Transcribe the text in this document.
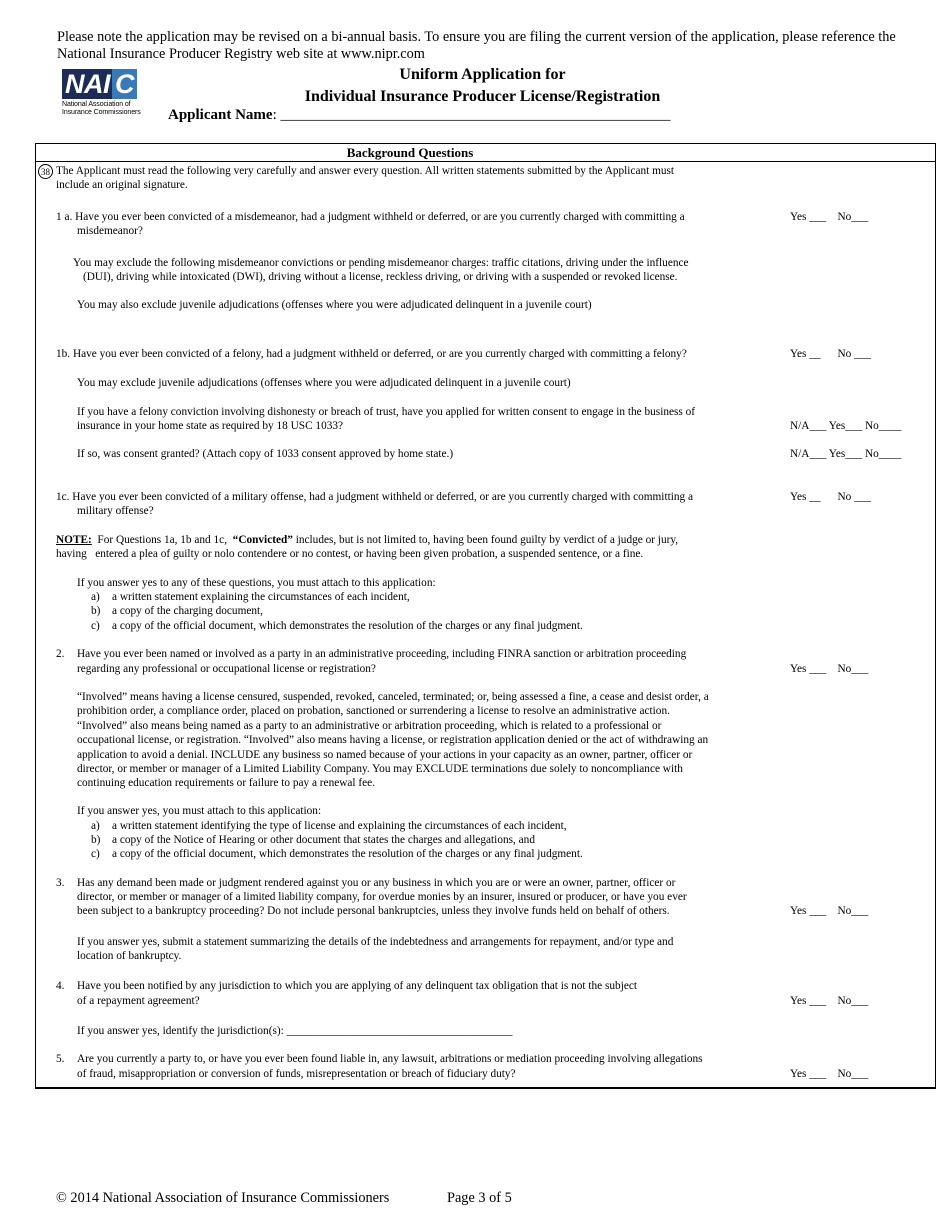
Please note the application may be revised on a bi-annual basis. To ensure you are filing the current version of the application, please reference the National Insurance Producer Registry web site at www.nipr.com
NAI C
National Association of
Insurance Commissioners
Uniform Application for
Individual Insurance Producer License/Registration
Applicant Name: ____________________________________________________
Background Questions
38 The Applicant must read the following very carefully and answer every question. All written statements submitted by the Applicant must
include an original signature.
1 a. Have you ever been convicted of a misdemeanor, had a judgment withheld or deferred, or are you currently charged with committing a
misdemeanor?
Yes ___    No___
You may exclude the following misdemeanor convictions or pending misdemeanor charges: traffic citations, driving under the influence
(DUI), driving while intoxicated (DWI), driving without a license, reckless driving, or driving with a suspended or revoked license.
You may also exclude juvenile adjudications (offenses where you were adjudicated delinquent in a juvenile court)
1b. Have you ever been convicted of a felony, had a judgment withheld or deferred, or are you currently charged with committing a felony?	Yes __      No ___
You may exclude juvenile adjudications (offenses where you were adjudicated delinquent in a juvenile court)
If you have a felony conviction involving dishonesty or breach of trust, have you applied for written consent to engage in the business of
insurance in your home state as required by 18 USC 1033?	N/A___ Yes___ No____
If so, was consent granted? (Attach copy of 1033 consent approved by home state.)	N/A___ Yes___ No____
1c. Have you ever been convicted of a military offense, had a judgment withheld or deferred, or are you currently charged with committing a
military offense?
Yes __      No ___
NOTE:  For Questions 1a, 1b and 1c,  “Convicted” includes, but is not limited to, having been found guilty by verdict of a judge or jury,
having   entered a plea of guilty or nolo contendere or no contest, or having been given probation, a suspended sentence, or a fine.
If you answer yes to any of these questions, you must attach to this application:
a) a written statement explaining the circumstances of each incident,
b) a copy of the charging document,
c) a copy of the official document, which demonstrates the resolution of the charges or any final judgment.
2. Have you ever been named or involved as a party in an administrative proceeding, including FINRA sanction or arbitration proceeding
regarding any professional or occupational license or registration?	Yes ___    No___
“Involved” means having a license censured, suspended, revoked, canceled, terminated; or, being assessed a fine, a cease and desist order, a
prohibition order, a compliance order, placed on probation, sanctioned or surrendering a license to resolve an administrative action.
“Involved” also means being named as a party to an administrative or arbitration proceeding, which is related to a professional or
occupational license, or registration. “Involved” also means having a license, or registration application denied or the act of withdrawing an
application to avoid a denial. INCLUDE any business so named because of your actions in your capacity as an owner, partner, officer or
director, or member or manager of a Limited Liability Company. You may EXCLUDE terminations due solely to noncompliance with
continuing education requirements or failure to pay a renewal fee.
If you answer yes, you must attach to this application:
a) a written statement identifying the type of license and explaining the circumstances of each incident,
b) a copy of the Notice of Hearing or other document that states the charges and allegations, and
c) a copy of the official document, which demonstrates the resolution of the charges or any final judgment.
3. Has any demand been made or judgment rendered against you or any business in which you are or were an owner, partner, officer or
director, or member or manager of a limited liability company, for overdue monies by an insurer, insured or producer, or have you ever
been subject to a bankruptcy proceeding? Do not include personal bankruptcies, unless they involve funds held on behalf of others.	Yes ___    No___
If you answer yes, submit a statement summarizing the details of the indebtedness and arrangements for repayment, and/or type and
location of bankruptcy.
4. Have you been notified by any jurisdiction to which you are applying of any delinquent tax obligation that is not the subject
of a repayment agreement?	Yes ___    No___
If you answer yes, identify the jurisdiction(s): ________________________________________
5. Are you currently a party to, or have you ever been found liable in, any lawsuit, arbitrations or mediation proceeding involving allegations
of fraud, misappropriation or conversion of funds, misrepresentation or breach of fiduciary duty?	Yes ___    No___
© 2014 National Association of Insurance Commissioners	Page 3 of 5
